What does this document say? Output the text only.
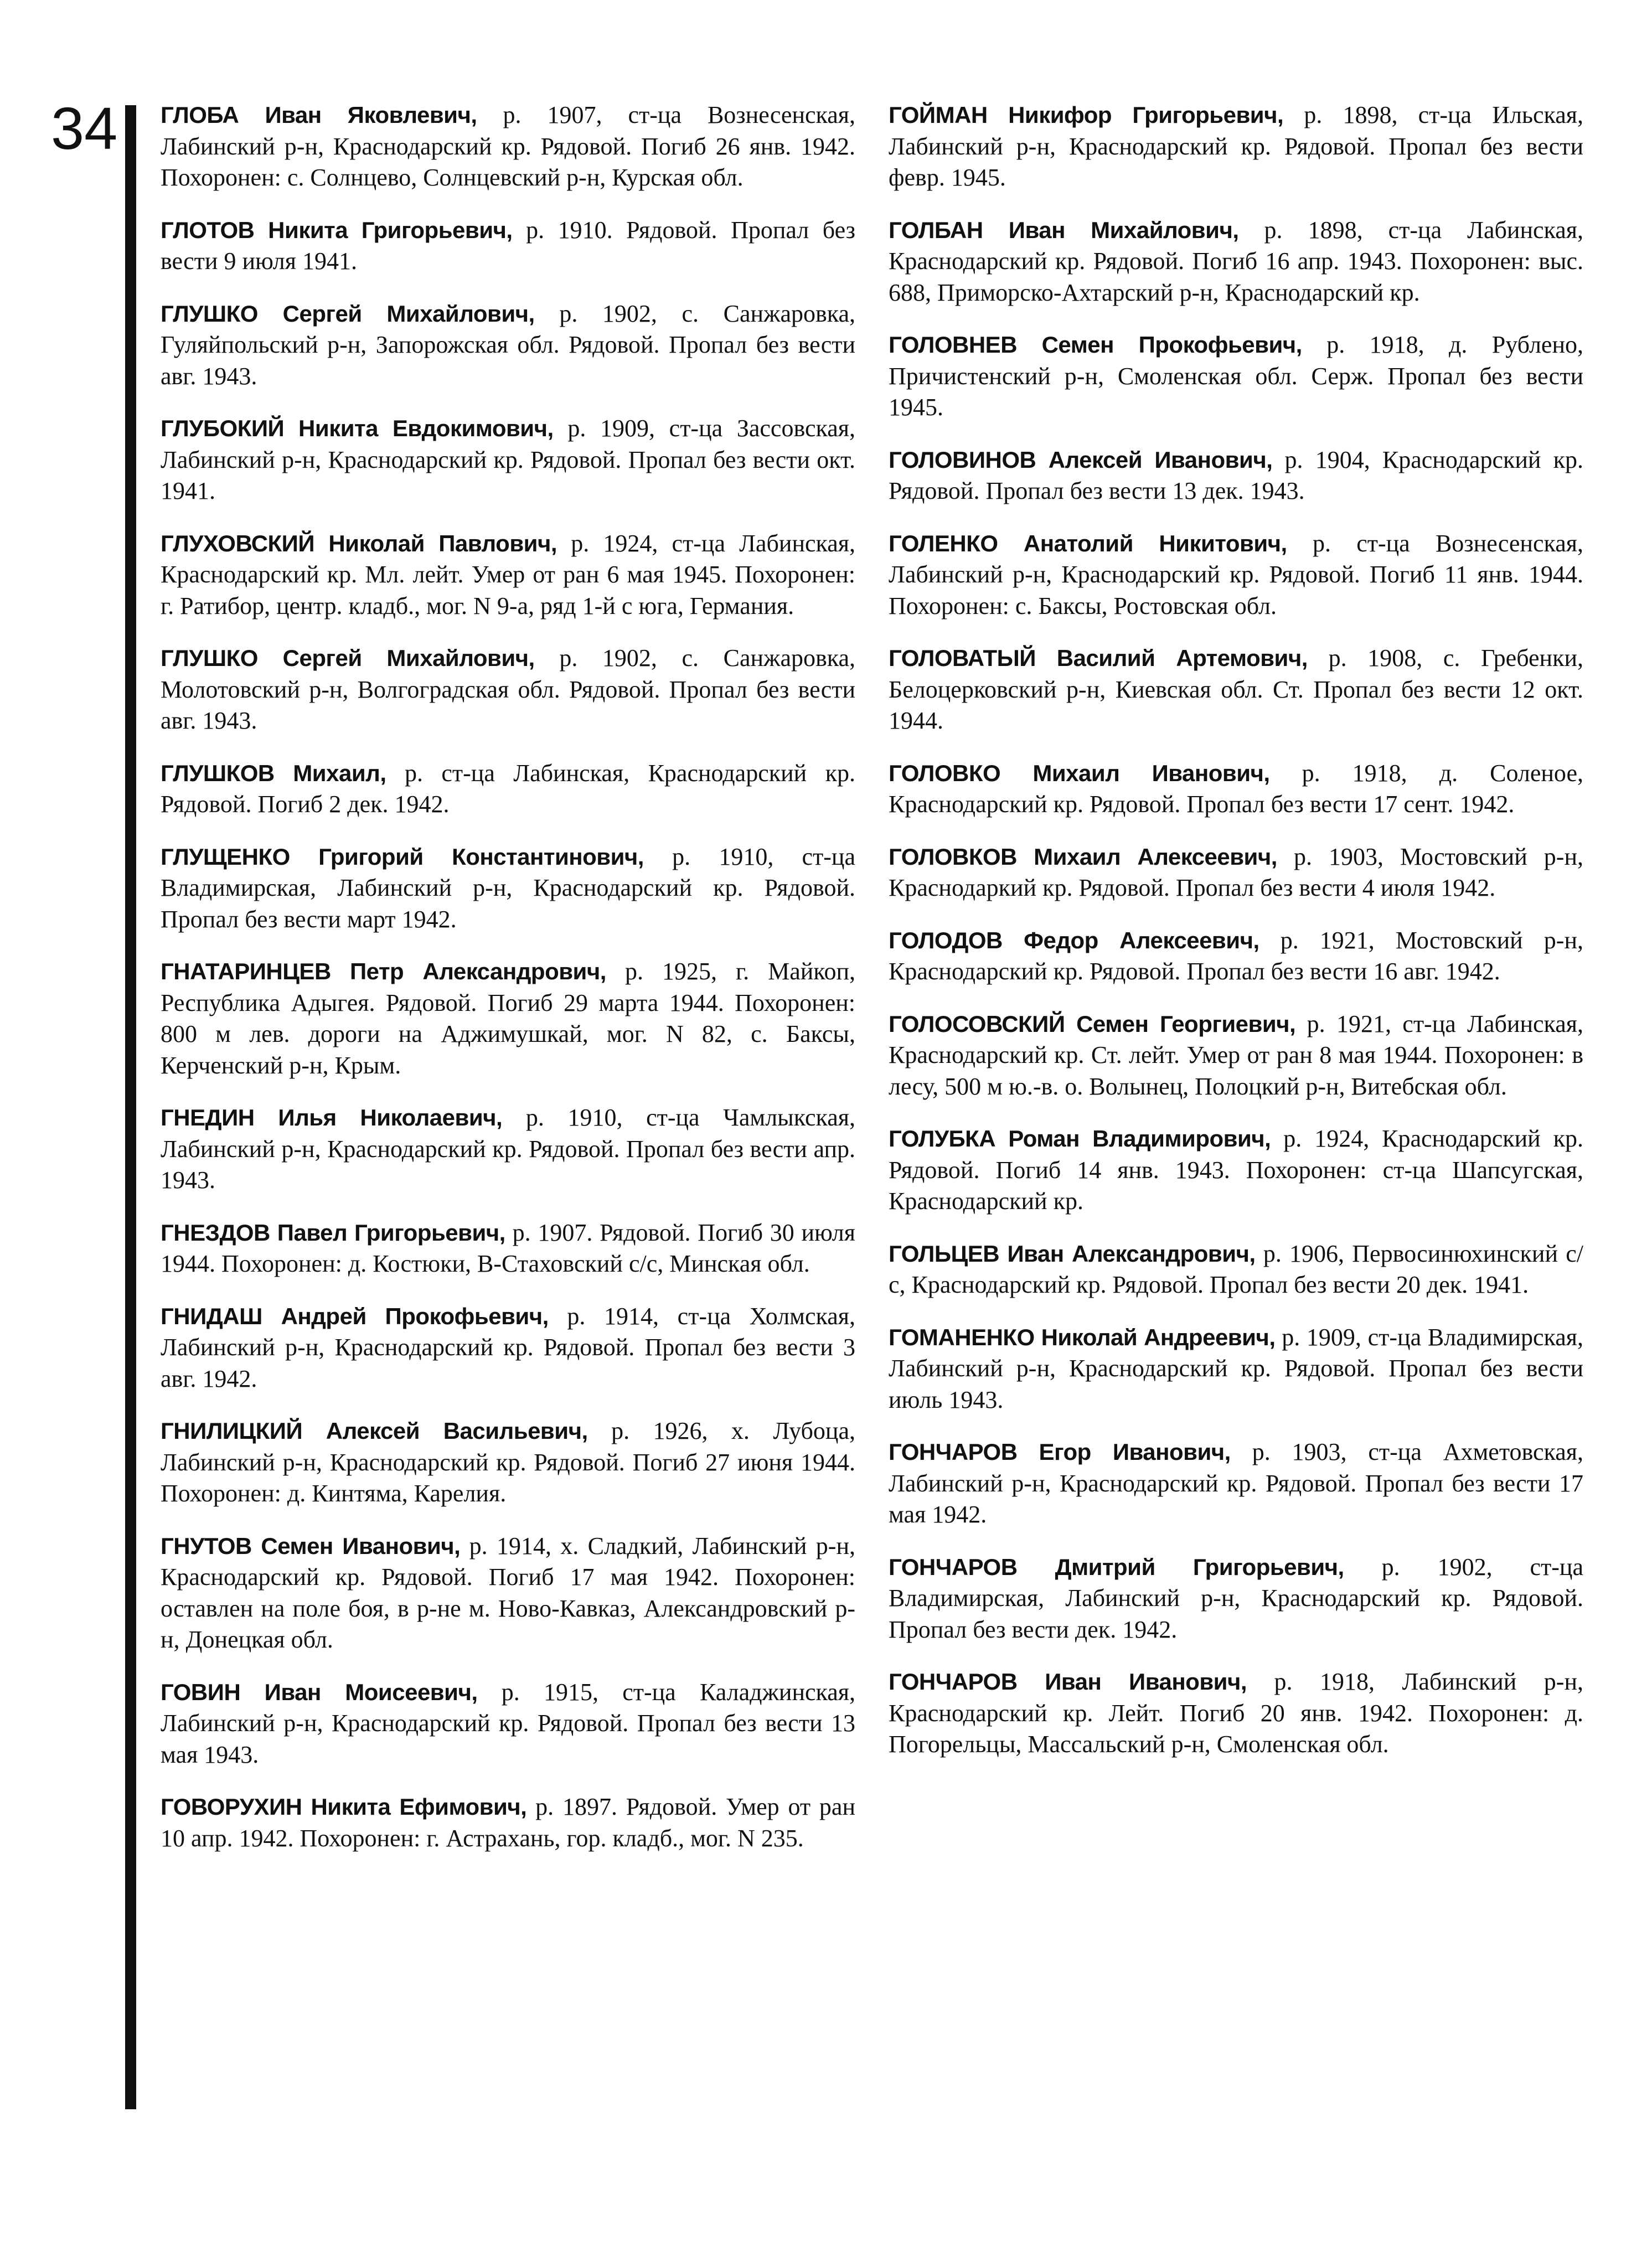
34 ГЛОБА Иван Яковлевич, р. 1907, ст-ца Вознесенская, Лабинский р-н, Краснодарский кр. Рядовой. Погиб 26 янв. 1942. Похоронен: с. Солнцево, Солнцевский р-н, Курская обл.

ГЛОТОВ Никита Григорьевич, р. 1910. Рядовой. Пропал без вести 9 июля 1941.

ГЛУШКО Сергей Михайлович, р. 1902, с. Санжаровка, Гуляйпольский р-н, Запорожская обл. Рядовой. Пропал без вести авг. 1943.

ГЛУБОКИЙ Никита Евдокимович, р. 1909, ст-ца Зассовская, Лабинский р-н, Краснодарский кр. Рядовой. Пропал без вести окт. 1941.

ГЛУХОВСКИЙ Николай Павлович, р. 1924, ст-ца Лабинская, Краснодарский кр. Мл. лейт. Умер от ран 6 мая 1945. Похоронен: г. Ратибор, центр. кладб., мог. N 9-а, ряд 1-й с юга, Германия.

ГЛУШКО Сергей Михайлович, р. 1902, с. Санжаровка, Молотовский р-н, Волгоградская обл. Рядовой. Пропал без вести авг. 1943.

ГЛУШКОВ Михаил, р. ст-ца Лабинская, Краснодарский кр. Рядовой. Погиб 2 дек. 1942.

ГЛУЩЕНКО Григорий Константинович, р. 1910, ст-ца Владимирская, Лабинский р-н, Краснодарский кр. Рядовой. Пропал без вести март 1942.

ГНАТАРИНЦЕВ Петр Александрович, р. 1925, г. Майкоп, Республика Адыгея. Рядовой. Погиб 29 марта 1944. Похоронен: 800 м лев. дороги на Аджимушкай, мог. N 82, с. Баксы, Керченский р-н, Крым.

ГНЕДИН Илья Николаевич, р. 1910, ст-ца Чамлыкская, Лабинский р-н, Краснодарский кр. Рядовой. Пропал без вести апр. 1943.

ГНЕЗДОВ Павел Григорьевич, р. 1907. Рядовой. Погиб 30 июля 1944. Похоронен: д. Костюки, В-Стаховский с/с, Минская обл.

ГНИДАШ Андрей Прокофьевич, р. 1914, ст-ца Холмская, Лабинский р-н, Краснодарский кр. Рядовой. Пропал без вести 3 авг. 1942.

ГНИЛИЦКИЙ Алексей Васильевич, р. 1926, х. Лубоца, Лабинский р-н, Краснодарский кр. Рядовой. Погиб 27 июня 1944. Похоронен: д. Кинтяма, Карелия.

ГНУТОВ Семен Иванович, р. 1914, х. Сладкий, Лабинский р-н, Краснодарский кр. Рядовой. Погиб 17 мая 1942. Похоронен: оставлен на поле боя, в р-не м. Ново-Кавказ, Александровский р-н, Донецкая обл.

ГОВИН Иван Моисеевич, р. 1915, ст-ца Каладжинская, Лабинский р-н, Краснодарский кр. Рядовой. Пропал без вести 13 мая 1943.

ГОВОРУХИН Никита Ефимович, р. 1897. Рядовой. Умер от ран 10 апр. 1942. Похоронен: г. Астрахань, гор. кладб., мог. N 235.

ГОЙМАН Никифор Григорьевич, р. 1898, ст-ца Ильская, Лабинский р-н, Краснодарский кр. Рядовой. Пропал без вести февр. 1945.

ГОЛБАН Иван Михайлович, р. 1898, ст-ца Лабинская, Краснодарский кр. Рядовой. Погиб 16 апр. 1943. Похоронен: выс. 688, Приморско-Ахтарский р-н, Краснодарский кр.

ГОЛОВНЕВ Семен Прокофьевич, р. 1918, д. Рублено, Причистенский р-н, Смоленская обл. Серж. Пропал без вести 1945.

ГОЛОВИНОВ Алексей Иванович, р. 1904, Краснодарский кр. Рядовой. Пропал без вести 13 дек. 1943.

ГОЛЕНКО Анатолий Никитович, р. ст-ца Вознесенская, Лабинский р-н, Краснодарский кр. Рядовой. Погиб 11 янв. 1944. Похоронен: с. Баксы, Ростовская обл.

ГОЛОВАТЫЙ Василий Артемович, р. 1908, с. Гребенки, Белоцерковский р-н, Киевская обл. Ст. Пропал без вести 12 окт. 1944.

ГОЛОВКО Михаил Иванович, р. 1918, д. Соленое, Краснодарский кр. Рядовой. Пропал без вести 17 сент. 1942.

ГОЛОВКОВ Михаил Алексеевич, р. 1903, Мостовский р-н, Краснодаркий кр. Рядовой. Пропал без вести 4 июля 1942.

ГОЛОДОВ Федор Алексеевич, р. 1921, Мостовский р-н, Краснодарский кр. Рядовой. Пропал без вести 16 авг. 1942.

ГОЛОСОВСКИЙ Семен Георгиевич, р. 1921, ст-ца Лабинская, Краснодарский кр. Ст. лейт. Умер от ран 8 мая 1944. Похоронен: в лесу, 500 м ю.-в. о. Волынец, Полоцкий р-н, Витебская обл.

ГОЛУБКА Роман Владимирович, р. 1924, Краснодарский кр. Рядовой. Погиб 14 янв. 1943. Похоронен: ст-ца Шапсугская, Краснодарский кр.

ГОЛЬЦЕВ Иван Александрович, р. 1906, Первосинюхинский с/с, Краснодарский кр. Рядовой. Пропал без вести 20 дек. 1941.

ГОМАНЕНКО Николай Андреевич, р. 1909, ст-ца Владимирская, Лабинский р-н, Краснодарский кр. Рядовой. Пропал без вести июль 1943.

ГОНЧАРОВ Егор Иванович, р. 1903, ст-ца Ахметовская, Лабинский р-н, Краснодарский кр. Рядовой. Пропал без вести 17 мая 1942.

ГОНЧАРОВ Дмитрий Григорьевич, р. 1902, ст-ца Владимирская, Лабинский р-н, Краснодарский кр. Рядовой. Пропал без вести дек. 1942.

ГОНЧАРОВ Иван Иванович, р. 1918, Лабинский р-н, Краснодарский кр. Лейт. Погиб 20 янв. 1942. Похоронен: д. Погорельцы, Массальский р-н, Смоленская обл.
